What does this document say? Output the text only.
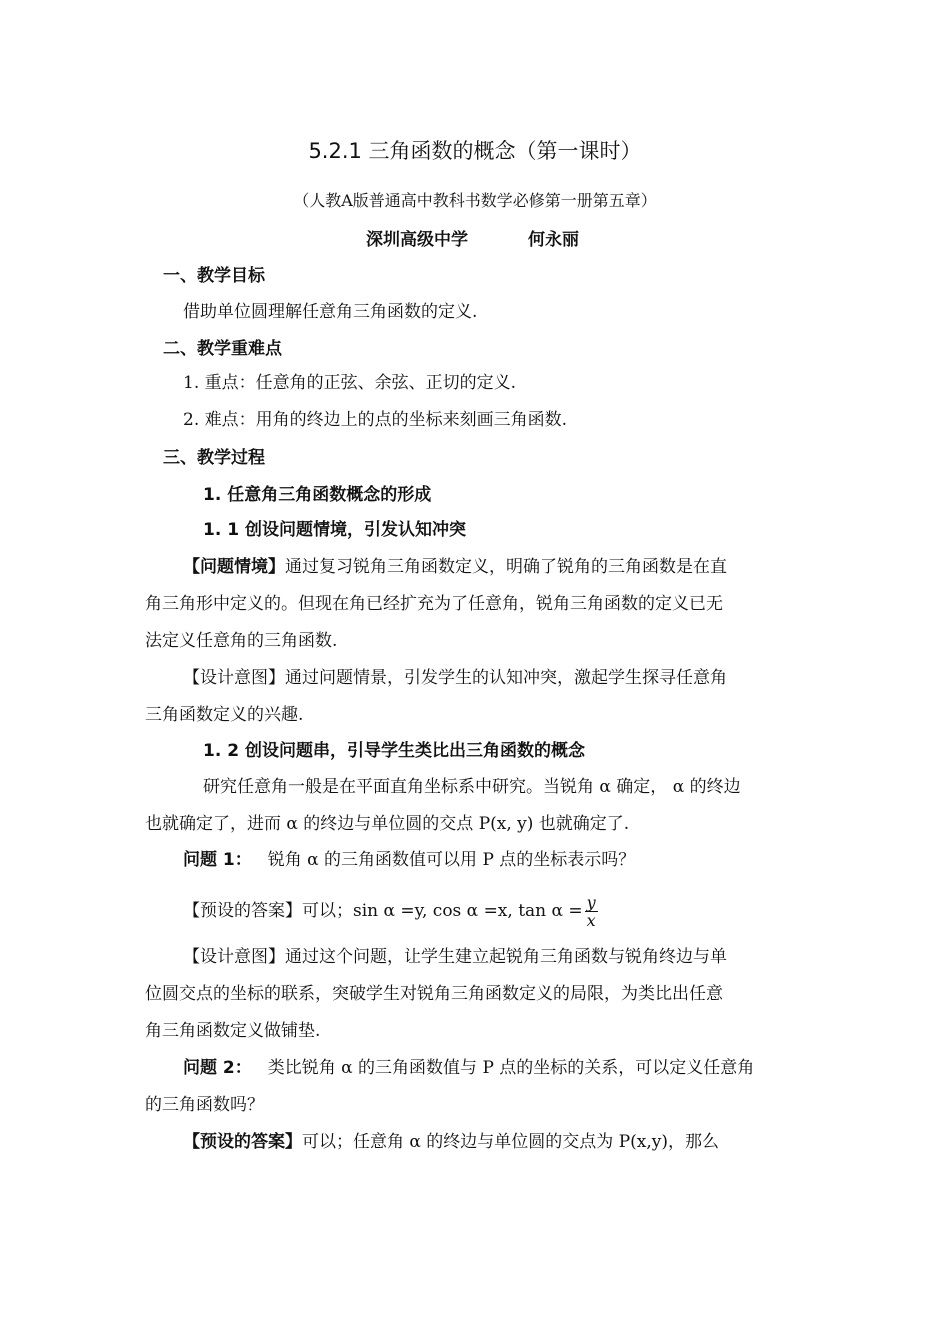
5.2.1 三角函数的概念（第一课时）
（人教A版普通高中教科书数学必修第一册第五章）
深圳高级中学	何永丽
一、教学目标
借助单位圆理解任意角三角函数的定义.
二、教学重难点
1. 重点：任意角的正弦、余弦、正切的定义.
2. 难点：用角的终边上的点的坐标来刻画三角函数.
三、教学过程
1. 任意角三角函数概念的形成
1. 1 创设问题情境，引发认知冲突
【问题情境】通过复习锐角三角函数定义，明确了锐角的三角函数是在直
角三角形中定义的。但现在角已经扩充为了任意角，锐角三角函数的定义已无
法定义任意角的三角函数.
【设计意图】通过问题情景，引发学生的认知冲突，激起学生探寻任意角
三角函数定义的兴趣.
1. 2 创设问题串，引导学生类比出三角函数的概念
研究任意角一般是在平面直角坐标系中研究。当锐角 α 确定， α 的终边
也就确定了，进而 α 的终边与单位圆的交点 P(x, y) 也就确定了.
问题 1： 锐角 α 的三角函数值可以用 P 点的坐标表示吗？
【预设的答案】可以；sin α =y, cos α =x, $\tan \alpha = \frac{y}{x}$
【设计意图】通过这个问题，让学生建立起锐角三角函数与锐角终边与单
位圆交点的坐标的联系，突破学生对锐角三角函数定义的局限，为类比出任意
角三角函数定义做铺垫.
问题 2： 类比锐角 α 的三角函数值与 P 点的坐标的关系，可以定义任意角
的三角函数吗？
【预设的答案】可以；任意角 α 的终边与单位圆的交点为 P(x,y)，那么
